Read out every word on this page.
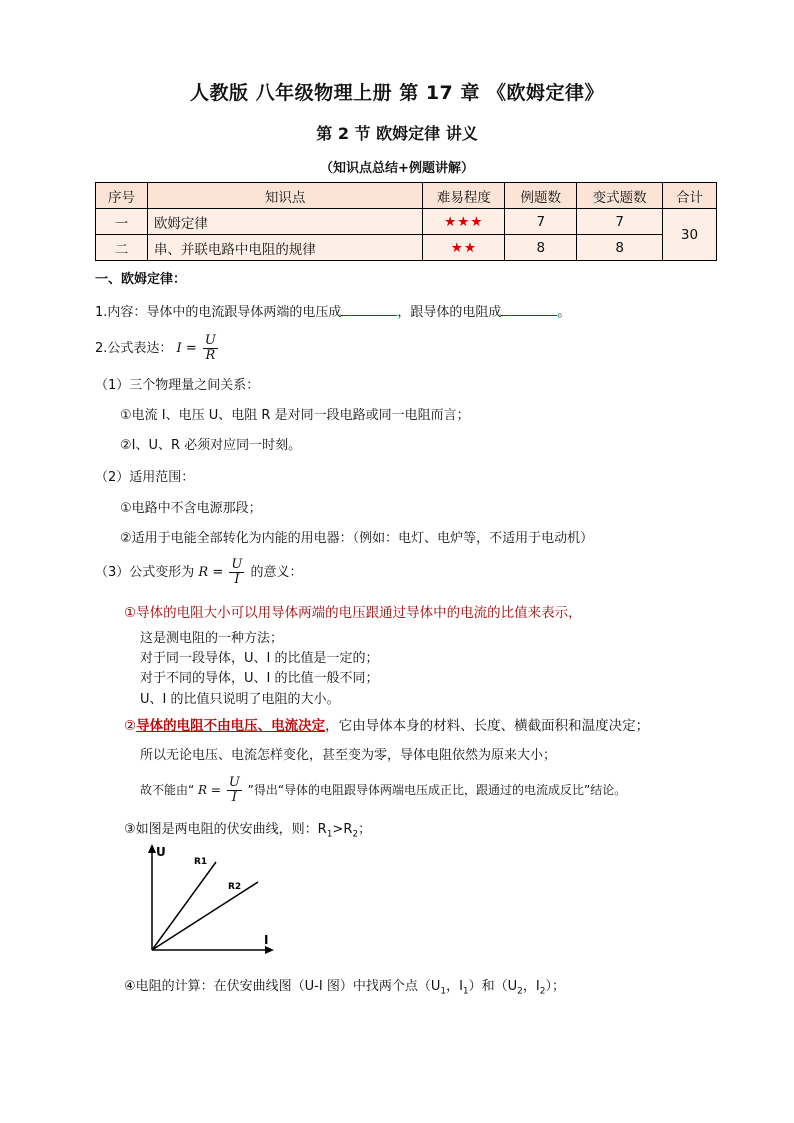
人教版 八年级物理上册 第 17 章 《欧姆定律》
第 2 节 欧姆定律 讲义
（知识点总结+例题讲解）
序号	知识点	难易程度	例题数	变式题数	合计
一	欧姆定律	★★★	7	7	30
二	串、并联电路中电阻的规律	★★	8	8	
一、欧姆定律：
1.内容：导体中的电流跟导体两端的电压成	，跟导体的电阻成	。
2.公式表达： $I = \frac{U}{R}$
（1）三个物理量之间关系：
①电流 I、电压 U、电阻 R 是对同一段电路或同一电阻而言；
②I、U、R 必须对应同一时刻。
（2）适用范围：
①电路中不含电源那段；
②适用于电能全部转化为内能的用电器：（例如：电灯、电炉等，不适用于电动机）
（3）公式变形为 $R = \frac{U}{I}$ 的意义：
①导体的电阻大小可以用导体两端的电压跟通过导体中的电流的比值来表示，
这是测电阻的一种方法；
对于同一段导体，U、I 的比值是一定的；
对于不同的导体，U、I 的比值一般不同；
U、I 的比值只说明了电阻的大小。
②导体的电阻不由电压、电流决定，它由导体本身的材料、长度、横截面积和温度决定；
所以无论电压、电流怎样变化，甚至变为零，导体电阻依然为原来大小；
故不能由“ $R = \frac{U}{I}$ ”得出“导体的电阻跟导体两端电压成正比，跟通过的电流成反比”结论。
③如图是两电阻的伏安曲线，则：$R_1>R_2$；
U
I
R1
R2
④电阻的计算：在伏安曲线图（U-I 图）中找两个点（$U_1$，$I_1$）和（$U_2$，$I_2$）；
